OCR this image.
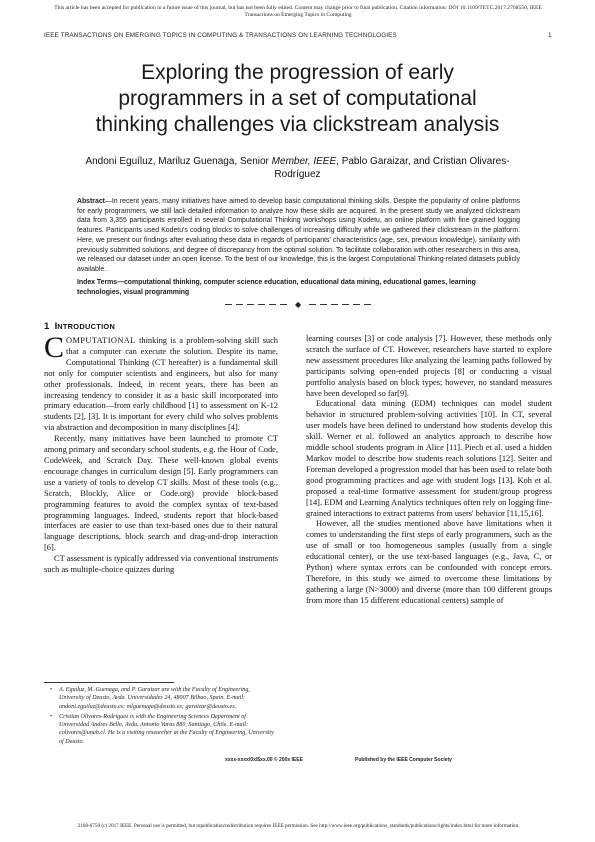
This article has been accepted for publication in a future issue of this journal, but has not been fully edited. Content may change prior to final publication. Citation information: DOI 10.1109/TETC.2017.2768550, IEEE
Transactions on Emerging Topics in Computing
IEEE TRANSACTIONS ON EMERGING TOPICS IN COMPUTING & TRANSACTIONS ON LEARNING TECHNOLOGIES	1
Exploring the progression of early
programmers in a set of computational
thinking challenges via clickstream analysis
Andoni Eguíluz, Mariluz Guenaga, Senior Member, IEEE, Pablo Garaizar, and Cristian Olivares-
Rodríguez
Abstract—In recent years, many initiatives have aimed to develop basic computational thinking skills. Despite the popularity of online platforms for early programmers, we still lack detailed information to analyze how these skills are acquired. In the present study we analyzed clickstream data from 3,355 participants enrolled in several Computational Thinking workshops using Kodetu, an online platform with fine grained logging features. Participants used Kodetu's coding blocks to solve challenges of increasing difficulty while we gathered their clickstream in the platform. Here, we present our findings after evaluating these data in regards of participants' characteristics (age, sex, previous knowledge), similarity with previously submitted solutions, and degree of discrepancy from the optimal solution. To facilitate collaboration with other researchers in this area, we released our dataset under an open license. To the best of our knowledge, this is the largest Computational Thinking-related datasets publicly available.
Index Terms—computational thinking, computer science education, educational data mining, educational games, learning technologies, visual programming
◆
1 INTRODUCTION

COMPUTATIONAL thinking is a problem-solving skill such that a computer can execute the solution. Despite its name, Computational Thinking (CT hereafter) is a fundamental skill not only for computer scientists and engineers, but also for many other professionals. Indeed, in recent years, there has been an increasing tendency to consider it as a basic skill incorporated into primary education—from early childhood [1] to assessment on K-12 students [2], [3]. It is important for every child who solves problems via abstraction and decomposition in many disciplines [4].

Recently, many initiatives have been launched to promote CT among primary and secondary school students, e.g. the Hour of Code, CodeWeek, and Scratch Day. These well-known global events encourage changes in curriculum design [5]. Early programmers can use a variety of tools to develop CT skills. Most of these tools (e.g., Scratch, Blockly, Alice or Code.org) provide block-based programming features to avoid the complex syntax of text-based programming languages. Indeed, students report that block-based interfaces are easier to use than text-based ones due to their natural language descriptions, block search and drag-and-drop interaction [6].

CT assessment is typically addressed via conventional instruments such as multiple-choice quizzes during

learning courses [3] or code analysis [7]. However, these methods only scratch the surface of CT. However, researchers have started to explore new assessment procedures like analyzing the learning paths followed by participants solving open-ended projects [8] or conducting a visual portfolio analysis based on block types; however, no standard measures have been developed so far[9].

Educational data mining (EDM) techniques can model student behavior in structured problem-solving activities [10]. In CT, several user models have been defined to understand how students develop this skill. Werner et al. followed an analytics approach to describe how middle school students program in Alice [11]. Piech et al. used a hidden Markov model to describe how students reach solutions [12]. Seiter and Foreman developed a progression model that has been used to relate both good programming practices and age with student logs [13]. Koh et al. proposed a real-time formative assessment for student/group progress [14]. EDM and Learning Analytics techniques often rely on logging fine-grained interactions to extract patterns from users' behavior [11,15,16].

However, all the studies mentioned above have limitations when it comes to understanding the first steps of early programmers, such as the use of small or too homogeneous samples (usually from a single educational center), or the use text-based languages (e.g., Java, C, or Python) where syntax errors can be confounded with concept errors. Therefore, in this study we aimed to overcome these limitations by gathering a large (N>3000) and diverse (more than 100 different groups from more than 15 different educational centers) sample of

• A. Eguíluz, M. Guenaga, and P. Garaizar are with the Faculty of Engineering, University of Deusto, Avda. Universidades 24, 48007 Bilbao, Spain. E-mail: andoni.eguiluz@deusto.es; mlguenaga@deusto.es; garaizar@deusto.es.
• Cristian Olivares-Rodríguez is with the Engineering Sciences Department of Universidad Andres Bello, Avda. Antonio Varas 880, Santiago, Chile. E-mail: colivares@unab.cl. He is a visiting researcher at the Faculty of Engineering, University of Deusto.
xxxx-xxxx/0x/$xx.00 © 200x IEEE	Published by the IEEE Computer Society
2168-6750 (c) 2017 IEEE. Personal use is permitted, but republication/redistribution requires IEEE permission. See http://www.ieee.org/publications_standards/publications/rights/index.html for more information.
